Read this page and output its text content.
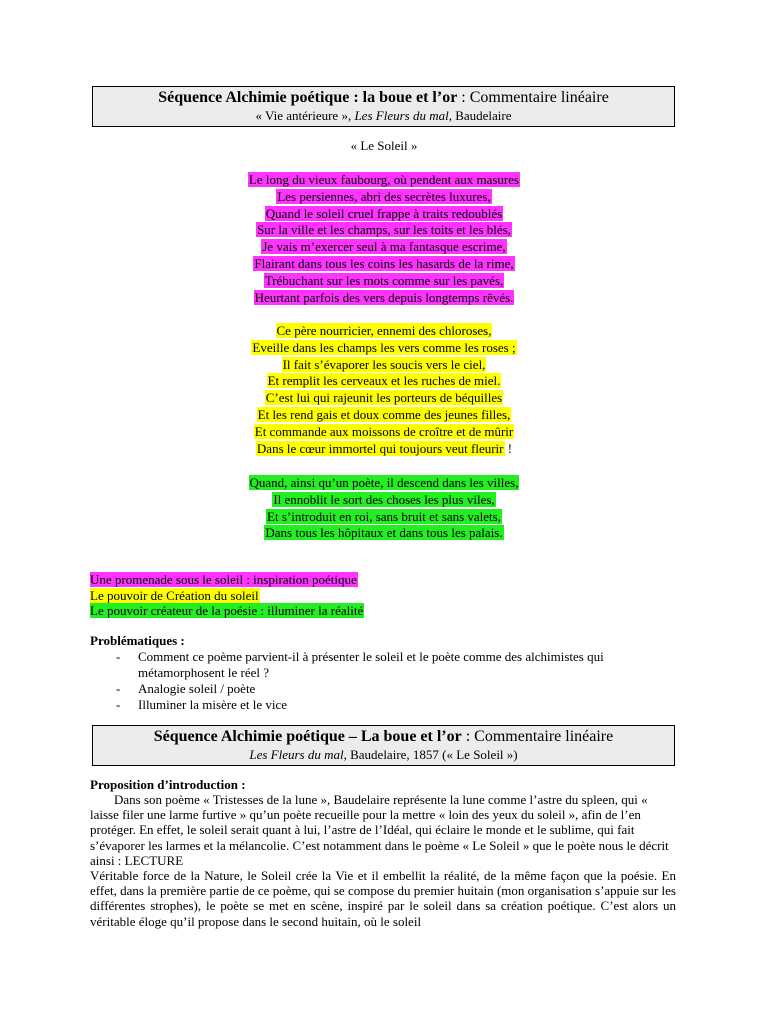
Séquence Alchimie poétique : la boue et l’or : Commentaire linéaire
« Vie antérieure », Les Fleurs du mal, Baudelaire
« Le Soleil »
Le long du vieux faubourg, où pendent aux masures
Les persiennes, abri des secrètes luxures,
Quand le soleil cruel frappe à traits redoublés
Sur la ville et les champs, sur les toits et les blés,
Je vais m’exercer seul à ma fantasque escrime,
Flairant dans tous les coins les hasards de la rime,
Trébuchant sur les mots comme sur les pavés,
Heurtant parfois des vers depuis longtemps rêvés.
Ce père nourricier, ennemi des chloroses,
Eveille dans les champs les vers comme les roses ;
Il fait s’évaporer les soucis vers le ciel,
Et remplit les cerveaux et les ruches de miel.
C’est lui qui rajeunit les porteurs de béquilles
Et les rend gais et doux comme des jeunes filles,
Et commande aux moissons de croître et de mûrir
Dans le cœur immortel qui toujours veut fleurir !
Quand, ainsi qu’un poète, il descend dans les villes,
Il ennoblit le sort des choses les plus viles,
Et s’introduit en roi, sans bruit et sans valets,
Dans tous les hôpitaux et dans tous les palais.
Une promenade sous le soleil : inspiration poétique
Le pouvoir de Création du soleil
Le pouvoir créateur de la poésie : illuminer la réalité
Problématiques :
- Comment ce poème parvient-il à présenter le soleil et le poète comme des alchimistes qui métamorphosent le réel ?
- Analogie soleil / poète
- Illuminer la misère et le vice
Séquence Alchimie poétique – La boue et l’or : Commentaire linéaire
Les Fleurs du mal, Baudelaire, 1857 (« Le Soleil »)
Proposition d’introduction :

Dans son poème « Tristesses de la lune », Baudelaire représente la lune comme l’astre du spleen, qui « laisse filer une larme furtive » qu’un poète recueille pour la mettre « loin des yeux du soleil », afin de l’en protéger. En effet, le soleil serait quant à lui, l’astre de l’Idéal, qui éclaire le monde et le sublime, qui fait s’évaporer les larmes et la mélancolie. C’est notamment dans le poème « Le Soleil » que le poète nous le décrit ainsi : LECTURE

Véritable force de la Nature, le Soleil crée la Vie et il embellit la réalité, de la même façon que la poésie. En effet, dans la première partie de ce poème, qui se compose du premier huitain (mon organisation s’appuie sur les différentes strophes), le poète se met en scène, inspiré par le soleil dans sa création poétique. C’est alors un véritable éloge qu’il propose dans le second huitain, où le soleil
